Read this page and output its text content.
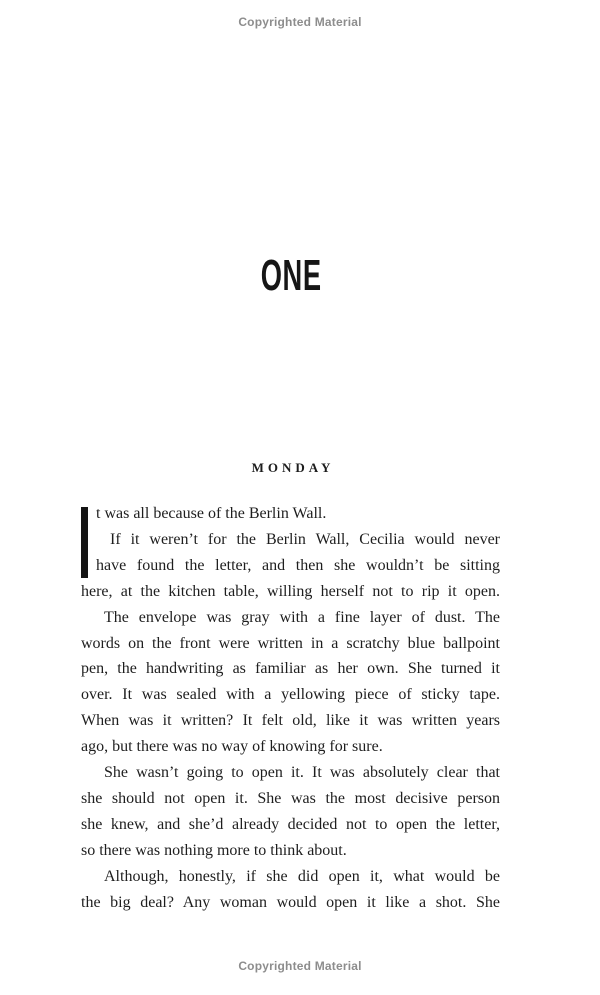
Copyrighted Material
ONE
MONDAY
t was all because of the Berlin Wall.
If it weren’t for the Berlin Wall, Cecilia would never
have found the letter, and then she wouldn’t be sitting
here, at the kitchen table, willing herself not to rip it open.
The envelope was gray with a fine layer of dust. The
words on the front were written in a scratchy blue ballpoint
pen, the handwriting as familiar as her own. She turned it
over. It was sealed with a yellowing piece of sticky tape.
When was it written? It felt old, like it was written years
ago, but there was no way of knowing for sure.
She wasn’t going to open it. It was absolutely clear that
she should not open it. She was the most decisive person
she knew, and she’d already decided not to open the letter,
so there was nothing more to think about.
Although, honestly, if she did open it, what would be
the big deal? Any woman would open it like a shot. She
Copyrighted Material
